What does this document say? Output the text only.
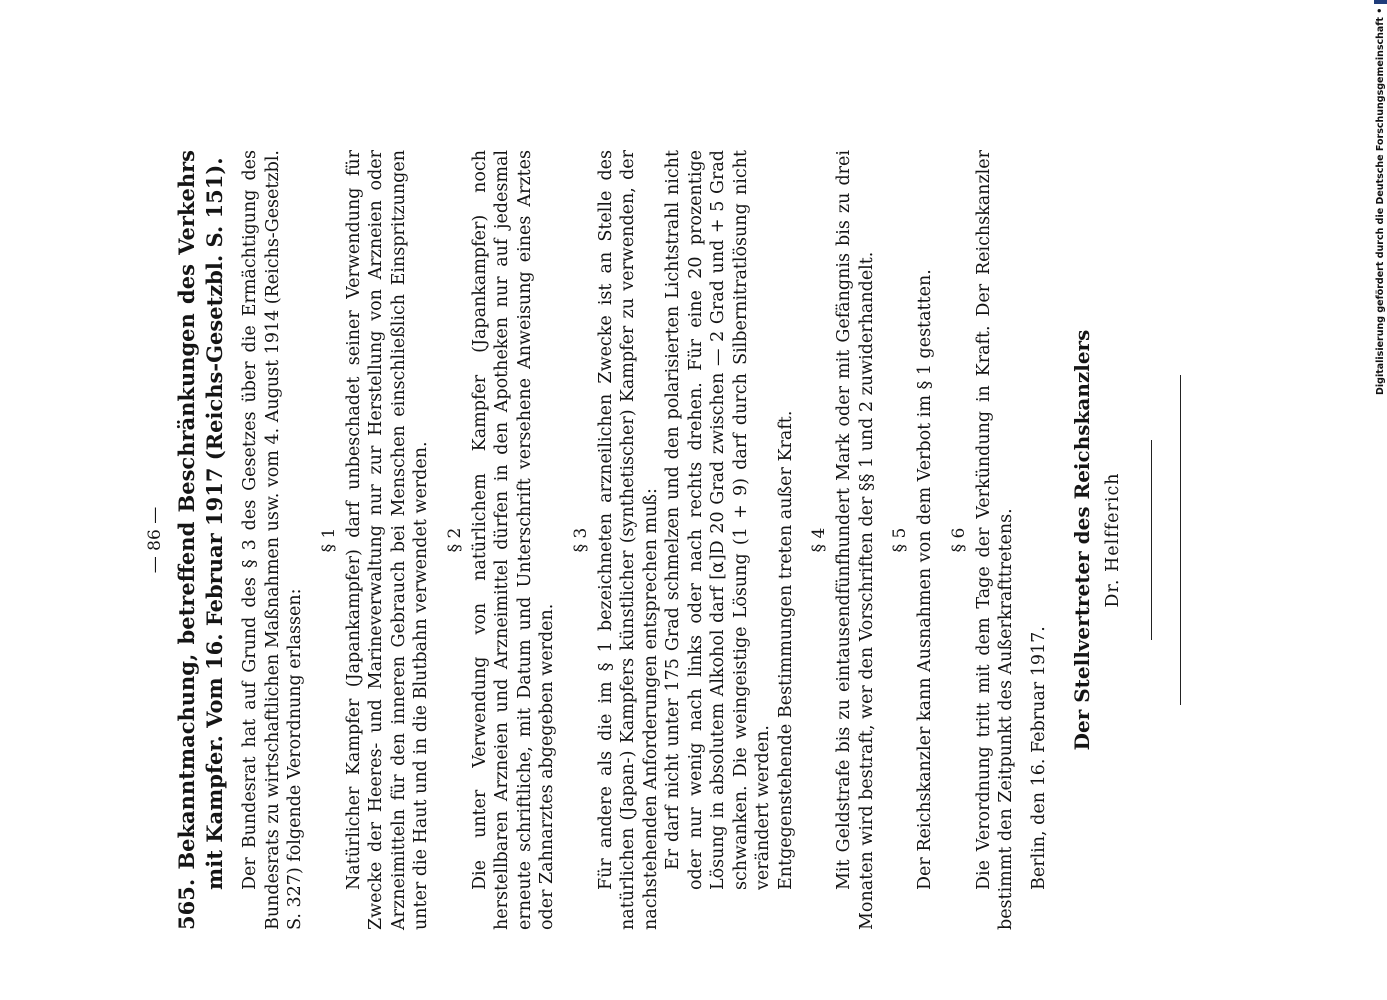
— 86 — 565. Bekanntmachung, betreffend Beschränkungen des Verkehrs mit Kampfer. Vom 16. Februar 1917 (Reichs-Gesetzbl. S. 151). Der Bundesrat hat auf Grund des § 3 des Gesetzes über die Ermächtigung des Bundesrats zu wirtschaftlichen Maßnahmen usw. vom 4. August 1914 (Reichs-Gesetzbl. S. 327) folgende Verordnung erlassen:

§ 1 Natürlicher Kampfer (Japankampfer) darf unbeschadet seiner Verwendung für Zwecke der Heeres- und Marineverwaltung nur zur Herstellung von Arzneien oder Arzneimitteln für den inneren Gebrauch bei Menschen einschließlich Einspritzungen unter die Haut und in die Blutbahn verwendet werden. § 2 Die unter Verwendung von natürlichem Kampfer (Japankampfer) noch herstellbaren Arzneien und Arzneimittel dürfen in den Apotheken nur auf jedesmal erneute schriftliche, mit Datum und Unterschrift versehene Anweisung eines Arztes oder Zahnarztes abgegeben werden.

§ 3 Für andere als die im § 1 bezeichneten arzneilichen Zwecke ist an Stelle des natürlichen (Japan-) Kampfers künstlicher (synthetischer) Kampfer zu verwenden, der nachstehenden Anforderungen entsprechen muß: Er darf nicht unter 175 Grad schmelzen und den polarisierten Lichtstrahl nicht oder nur wenig nach links oder nach rechts drehen. Für eine 20 prozentige Lösung in absolutem Alkohol darf [α]D 20 Grad zwischen — 2 Grad und + 5 Grad schwanken. Die weingeistige Lösung (1 + 9) darf durch Silbernitratlösung nicht verändert werden. Entgegenstehende Bestimmungen treten außer Kraft. § 4 Mit Geldstrafe bis zu eintausendfünfhundert Mark oder mit Gefängnis bis zu drei Monaten wird bestraft, wer den Vorschriften der §§ 1 und 2 zuwiderhandelt. § 5 Der Reichskanzler kann Ausnahmen von dem Verbot im § 1 gestatten. § 6 Die Verordnung tritt mit dem Tage der Verkündung in Kraft. Der Reichskanzler bestimmt den Zeitpunkt des Außerkrafttretens. Berlin, den 16. Februar 1917.

Der Stellvertreter des Reichskanzlers Dr. Helfferich
Digitalisierung gefördert durch die Deutsche Forschungsgemeinschaft •
